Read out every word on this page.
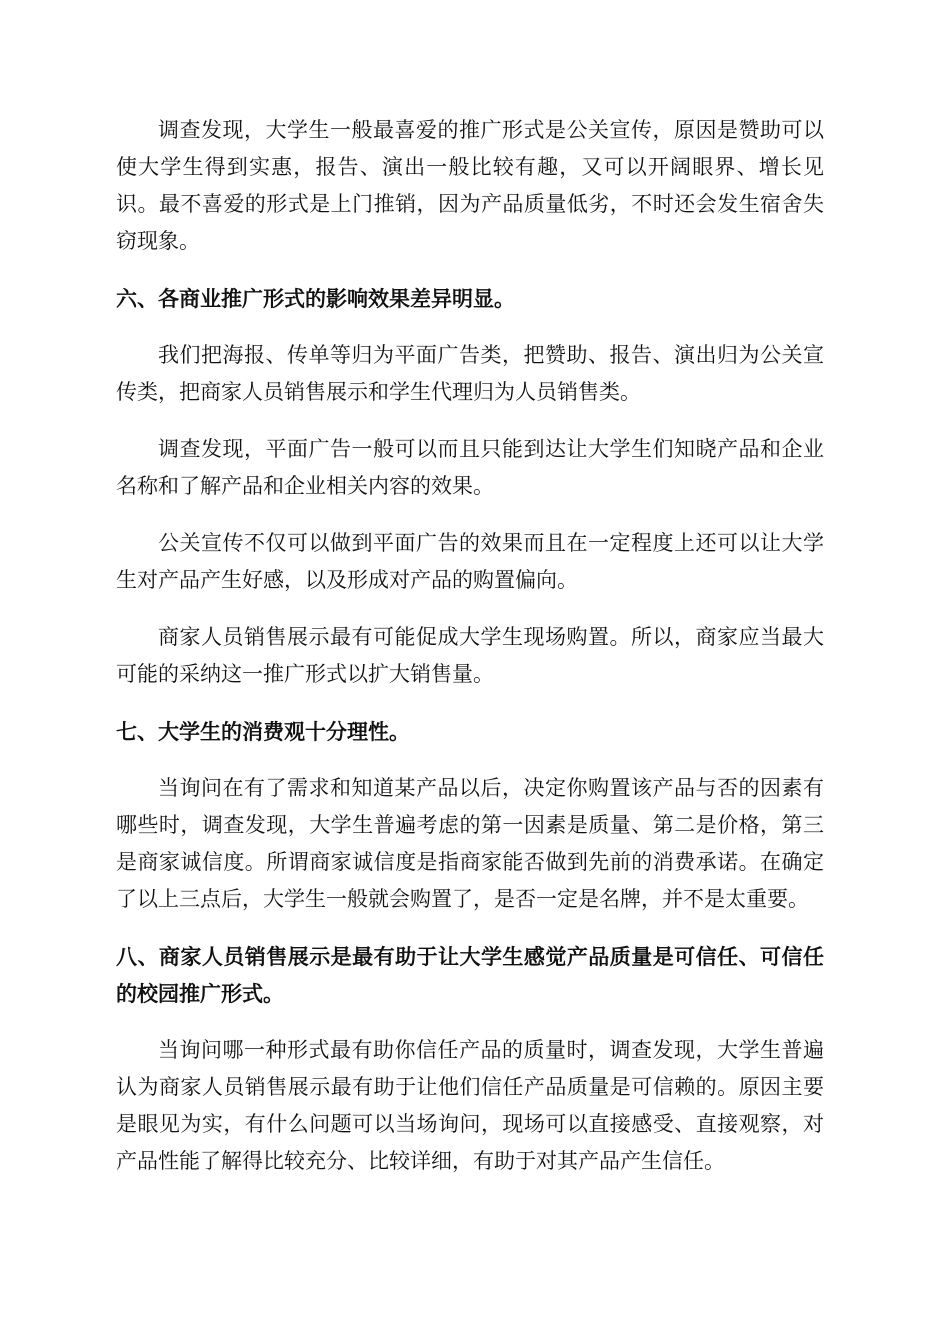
调查发现，大学生一般最喜爱的推广形式是公关宣传，原因是赞助可以使大学生得到实惠，报告、演出一般比较有趣，又可以开阔眼界、增长见识。最不喜爱的形式是上门推销，因为产品质量低劣，不时还会发生宿舍失窃现象。

六、各商业推广形式的影响效果差异明显。

我们把海报、传单等归为平面广告类，把赞助、报告、演出归为公关宣传类，把商家人员销售展示和学生代理归为人员销售类。

调查发现，平面广告一般可以而且只能到达让大学生们知晓产品和企业名称和了解产品和企业相关内容的效果。

公关宣传不仅可以做到平面广告的效果而且在一定程度上还可以让大学生对产品产生好感，以及形成对产品的购置偏向。

商家人员销售展示最有可能促成大学生现场购置。所以，商家应当最大可能的采纳这一推广形式以扩大销售量。

七、大学生的消费观十分理性。

当询问在有了需求和知道某产品以后，决定你购置该产品与否的因素有哪些时，调查发现，大学生普遍考虑的第一因素是质量、第二是价格，第三是商家诚信度。所谓商家诚信度是指商家能否做到先前的消费承诺。在确定了以上三点后，大学生一般就会购置了，是否一定是名牌，并不是太重要。

八、商家人员销售展示是最有助于让大学生感觉产品质量是可信任、可信任的校园推广形式。

当询问哪一种形式最有助你信任产品的质量时，调查发现，大学生普遍认为商家人员销售展示最有助于让他们信任产品质量是可信赖的。原因主要是眼见为实，有什么问题可以当场询问，现场可以直接感受、直接观察，对产品性能了解得比较充分、比较详细，有助于对其产品产生信任。
